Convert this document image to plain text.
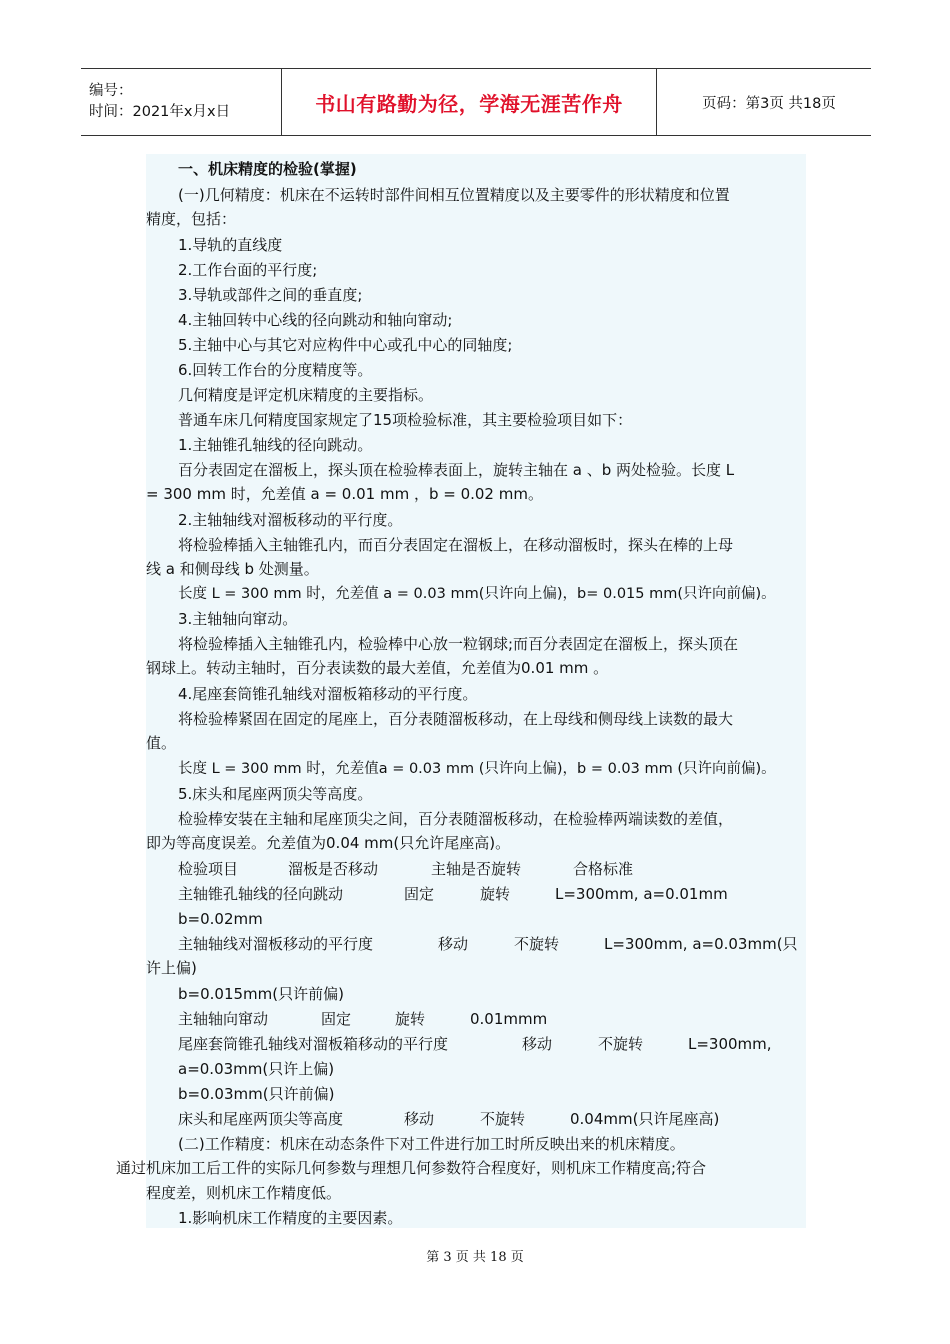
编号：
时间：2021年x月x日	书山有路勤为径，学海无涯苦作舟	页码：第3页 共18页
一、机床精度的检验(掌握)
(一)几何精度：机床在不运转时部件间相互位置精度以及主要零件的形状精度和位置
精度，包括：
1.导轨的直线度
2.工作台面的平行度;
3.导轨或部件之间的垂直度;
4.主轴回转中心线的径向跳动和轴向窜动;
5.主轴中心与其它对应构件中心或孔中心的同轴度;
6.回转工作台的分度精度等。
几何精度是评定机床精度的主要指标。
普通车床几何精度国家规定了15项检验标准，其主要检验项目如下：
1.主轴锥孔轴线的径向跳动。
百分表固定在溜板上，探头顶在检验棒表面上，旋转主轴在 a 、b 两处检验。长度 L
= 300 mm 时，允差值 a = 0.01 mm ，b = 0.02 mm。
2.主轴轴线对溜板移动的平行度。
将检验棒插入主轴锥孔内，而百分表固定在溜板上，在移动溜板时，探头在棒的上母
线 a 和侧母线 b 处测量。
长度 L = 300 mm 时，允差值 a = 0.03 mm(只许向上偏)，b= 0.015 mm(只许向前偏)。
3.主轴轴向窜动。
将检验棒插入主轴锥孔内，检验棒中心放一粒钢球;而百分表固定在溜板上，探头顶在
钢球上。转动主轴时，百分表读数的最大差值，允差值为0.01 mm 。
4.尾座套筒锥孔轴线对溜板箱移动的平行度。
将检验棒紧固在固定的尾座上，百分表随溜板移动，在上母线和侧母线上读数的最大
值。
长度 L = 300 mm 时，允差值a = 0.03 mm (只许向上偏)，b = 0.03 mm (只许向前偏)。
5.床头和尾座两顶尖等高度。
检验棒安装在主轴和尾座顶尖之间，百分表随溜板移动，在检验棒两端读数的差值，
即为等高度误差。允差值为0.04 mm(只允许尾座高)。
检验项目	溜板是否移动	主轴是否旋转	合格标准
主轴锥孔轴线的径向跳动	固定	旋转	L=300mm, a=0.01mm
b=0.02mm
主轴轴线对溜板移动的平行度	移动	不旋转	L=300mm, a=0.03mm(只
许上偏)
b=0.015mm(只许前偏)
主轴轴向窜动	固定	旋转	0.01mmm
尾座套筒锥孔轴线对溜板箱移动的平行度	移动	不旋转	L=300mm,
a=0.03mm(只许上偏)
b=0.03mm(只许前偏)
床头和尾座两顶尖等高度	移动	不旋转	0.04mm(只许尾座高)
(二)工作精度：机床在动态条件下对工件进行加工时所反映出来的机床精度。
通过机床加工后工件的实际几何参数与理想几何参数符合程度好，则机床工作精度高;符合
程度差，则机床工作精度低。
1.影响机床工作精度的主要因素。
第 3 页 共 18 页
